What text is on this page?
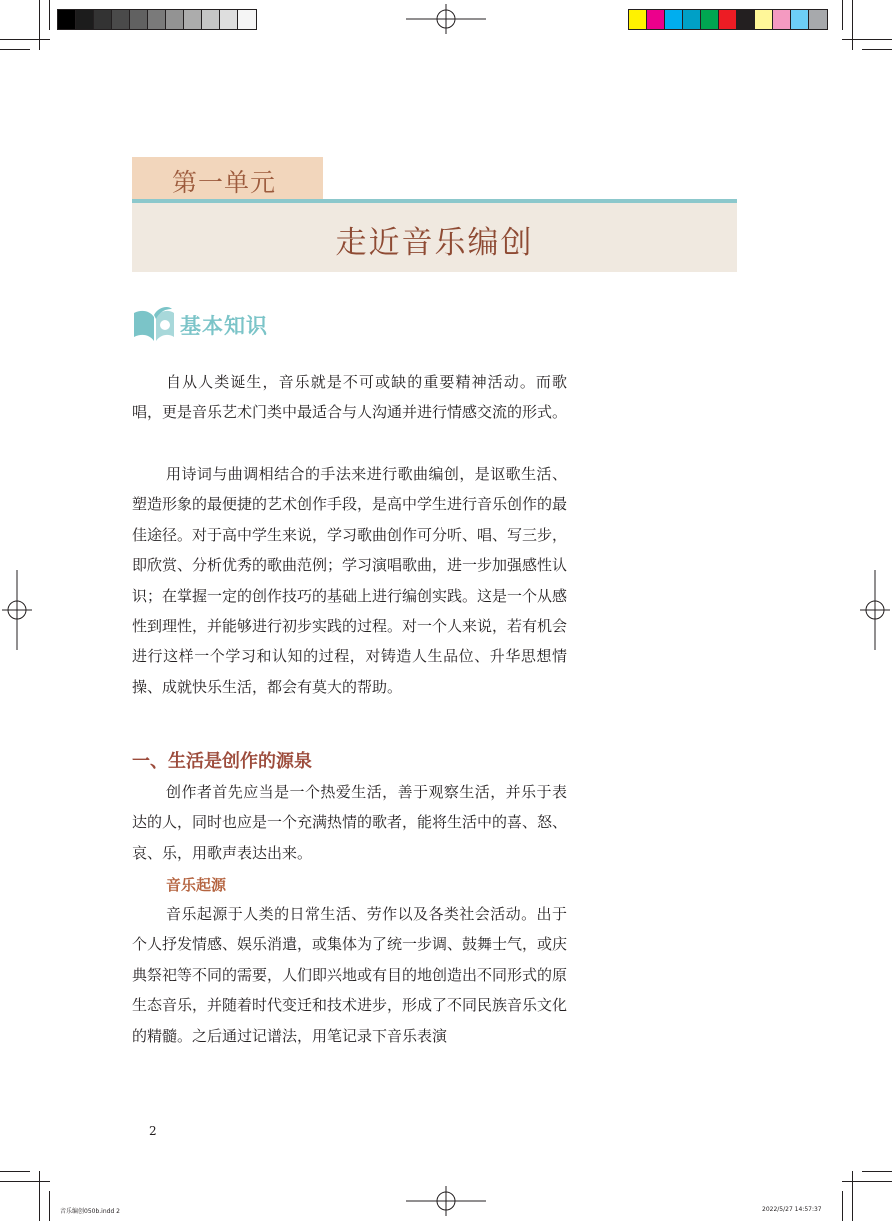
第一单元
走近音乐编创
基本知识

自从人类诞生，音乐就是不可或缺的重要精神活动。而歌唱，更是音乐艺术门类中最适合与人沟通并进行情感交流的形式。

用诗词与曲调相结合的手法来进行歌曲编创，是讴歌生活、塑造形象的最便捷的艺术创作手段，是高中学生进行音乐创作的最佳途径。对于高中学生来说，学习歌曲创作可分听、唱、写三步，即欣赏、分析优秀的歌曲范例；学习演唱歌曲，进一步加强感性认识；在掌握一定的创作技巧的基础上进行编创实践。这是一个从感性到理性，并能够进行初步实践的过程。对一个人来说，若有机会进行这样一个学习和认知的过程，对铸造人生品位、升华思想情操、成就快乐生活，都会有莫大的帮助。

一、生活是创作的源泉

创作者首先应当是一个热爱生活，善于观察生活，并乐于表达的人，同时也应是一个充满热情的歌者，能将生活中的喜、怒、哀、乐，用歌声表达出来。

音乐起源

音乐起源于人类的日常生活、劳作以及各类社会活动。出于个人抒发情感、娱乐消遣，或集体为了统一步调、鼓舞士气，或庆典祭祀等不同的需要，人们即兴地或有目的地创造出不同形式的原生态音乐，并随着时代变迁和技术进步，形成了不同民族音乐文化的精髓。之后通过记谱法，用笔记录下音乐表演

2
音乐编创050b.indd 2	2022/5/27 14:57:37
